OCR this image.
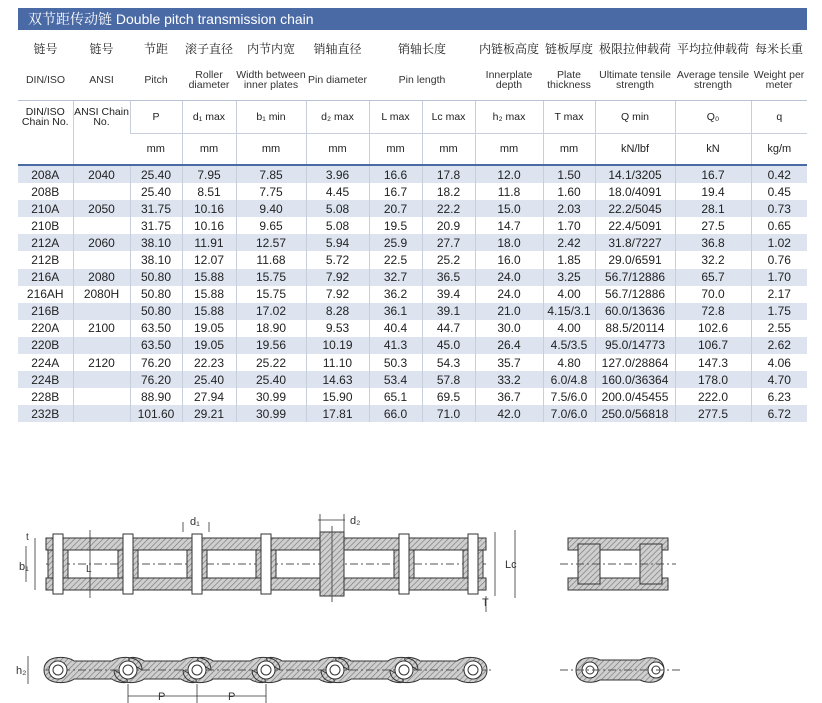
双节距传动链 Double pitch transmission chain
链号	链号	节距	滚子直径	内节内宽	销轴直径	销轴长度		内链板高度	链板厚度	极限拉伸载荷	平均拉伸载荷	每米长重
DIN/ISO	ANSI	Pitch	Roller diameter	Width between inner plates	Pin diameter	Pin length		Innerplate depth	Plate thickness	Ultimate tensile strength	Average tensile strength	Weight per meter
DIN/ISO Chain No.	ANSI Chain No.	P	d₁ max	b₁ min	d₂ max	L max	Lc max	h₂ max	T max	Q min	Q₀	q
		mm	mm	mm	mm	mm	mm	mm	mm	kN/lbf	kN	kg/m
208A	2040	25.40	7.95	7.85	3.96	16.6	17.8	12.0	1.50	14.1/3205	16.7	0.42
208B		25.40	8.51	7.75	4.45	16.7	18.2	11.8	1.60	18.0/4091	19.4	0.45
210A	2050	31.75	10.16	9.40	5.08	20.7	22.2	15.0	2.03	22.2/5045	28.1	0.73
210B		31.75	10.16	9.65	5.08	19.5	20.9	14.7	1.70	22.4/5091	27.5	0.65
212A	2060	38.10	11.91	12.57	5.94	25.9	27.7	18.0	2.42	31.8/7227	36.8	1.02
212B		38.10	12.07	11.68	5.72	22.5	25.2	16.0	1.85	29.0/6591	32.2	0.76
216A	2080	50.80	15.88	15.75	7.92	32.7	36.5	24.0	3.25	56.7/12886	65.7	1.70
216AH	2080H	50.80	15.88	15.75	7.92	36.2	39.4	24.0	4.00	56.7/12886	70.0	2.17
216B		50.80	15.88	17.02	8.28	36.1	39.1	21.0	4.15/3.1	60.0/13636	72.8	1.75
220A	2100	63.50	19.05	18.90	9.53	40.4	44.7	30.0	4.00	88.5/20114	102.6	2.55
220B		63.50	19.05	19.56	10.19	41.3	45.0	26.4	4.5/3.5	95.0/14773	106.7	2.62
224A	2120	76.20	22.23	25.22	11.10	50.3	54.3	35.7	4.80	127.0/28864	147.3	4.06
224B		76.20	25.40	25.40	14.63	53.4	57.8	33.2	6.0/4.8	160.0/36364	178.0	4.70
228B		88.90	27.94	30.99	15.90	65.1	69.5	36.7	7.5/6.0	200.0/45455	222.0	6.23
232B		101.60	29.21	30.99	17.81	66.0	71.0	42.0	7.0/6.0	250.0/56818	277.5	6.72
d₁	d₂
t
b₁	L	Lc
T
h₂
P	P
